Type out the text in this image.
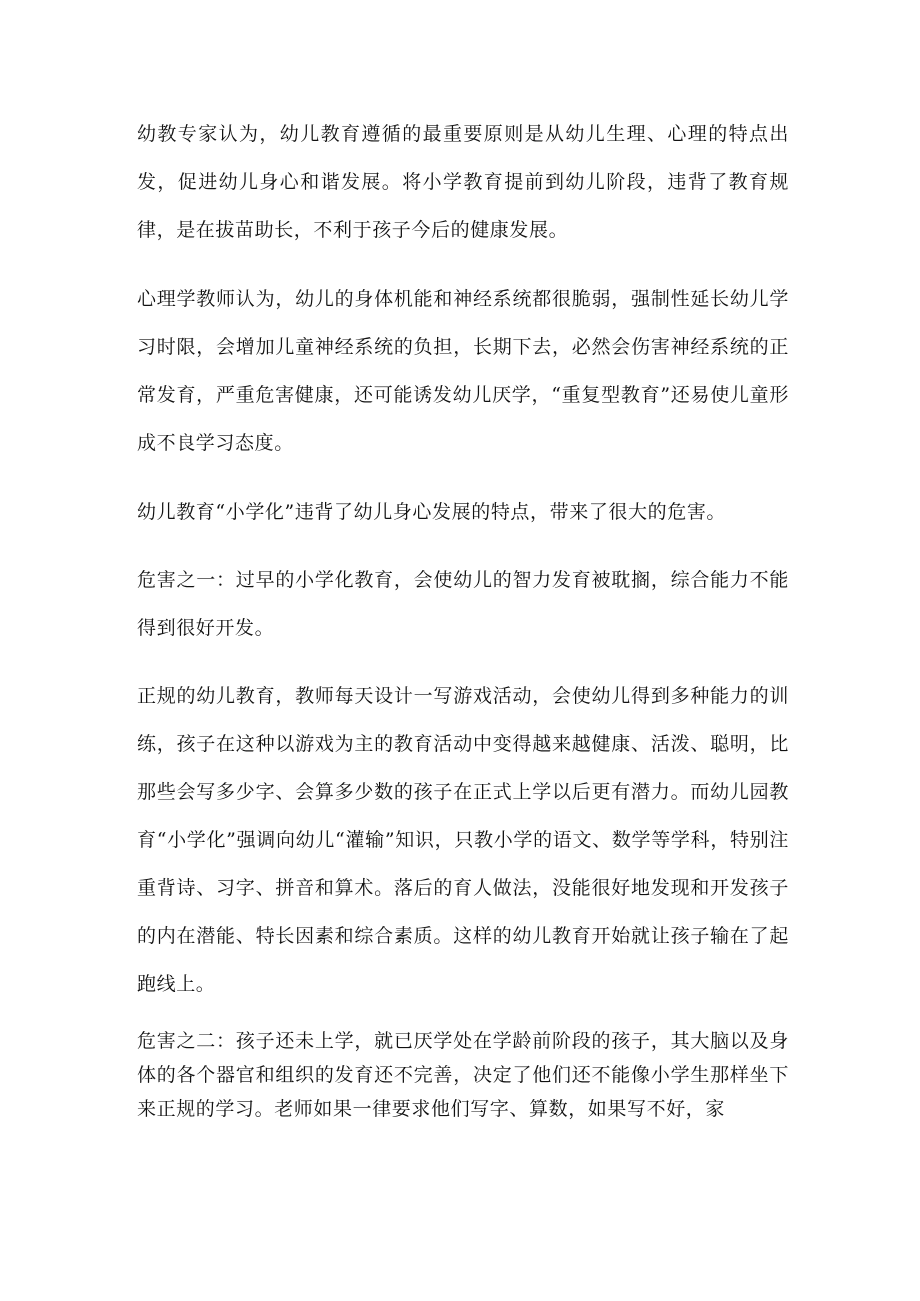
幼教专家认为，幼儿教育遵循的最重要原则是从幼儿生理、心理的特点出发，促进幼儿身心和谐发展。将小学教育提前到幼儿阶段，违背了教育规律，是在拔苗助长，不利于孩子今后的健康发展。

心理学教师认为，幼儿的身体机能和神经系统都很脆弱，强制性延长幼儿学习时限，会增加儿童神经系统的负担，长期下去，必然会伤害神经系统的正常发育，严重危害健康，还可能诱发幼儿厌学，“重复型教育”还易使儿童形成不良学习态度。

幼儿教育“小学化”违背了幼儿身心发展的特点，带来了很大的危害。

危害之一：过早的小学化教育，会使幼儿的智力发育被耽搁，综合能力不能得到很好开发。

正规的幼儿教育，教师每天设计一写游戏活动，会使幼儿得到多种能力的训练，孩子在这种以游戏为主的教育活动中变得越来越健康、活泼、聪明，比那些会写多少字、会算多少数的孩子在正式上学以后更有潜力。而幼儿园教育“小学化”强调向幼儿“灌输”知识，只教小学的语文、数学等学科，特别注重背诗、习字、拼音和算术。落后的育人做法，没能很好地发现和开发孩子的内在潜能、特长因素和综合素质。这样的幼儿教育开始就让孩子输在了起跑线上。

危害之二：孩子还未上学，就已厌学处在学龄前阶段的孩子，其大脑以及身体的各个器官和组织的发育还不完善，决定了他们还不能像小学生那样坐下来正规的学习。老师如果一律要求他们写字、算数，如果写不好，家
